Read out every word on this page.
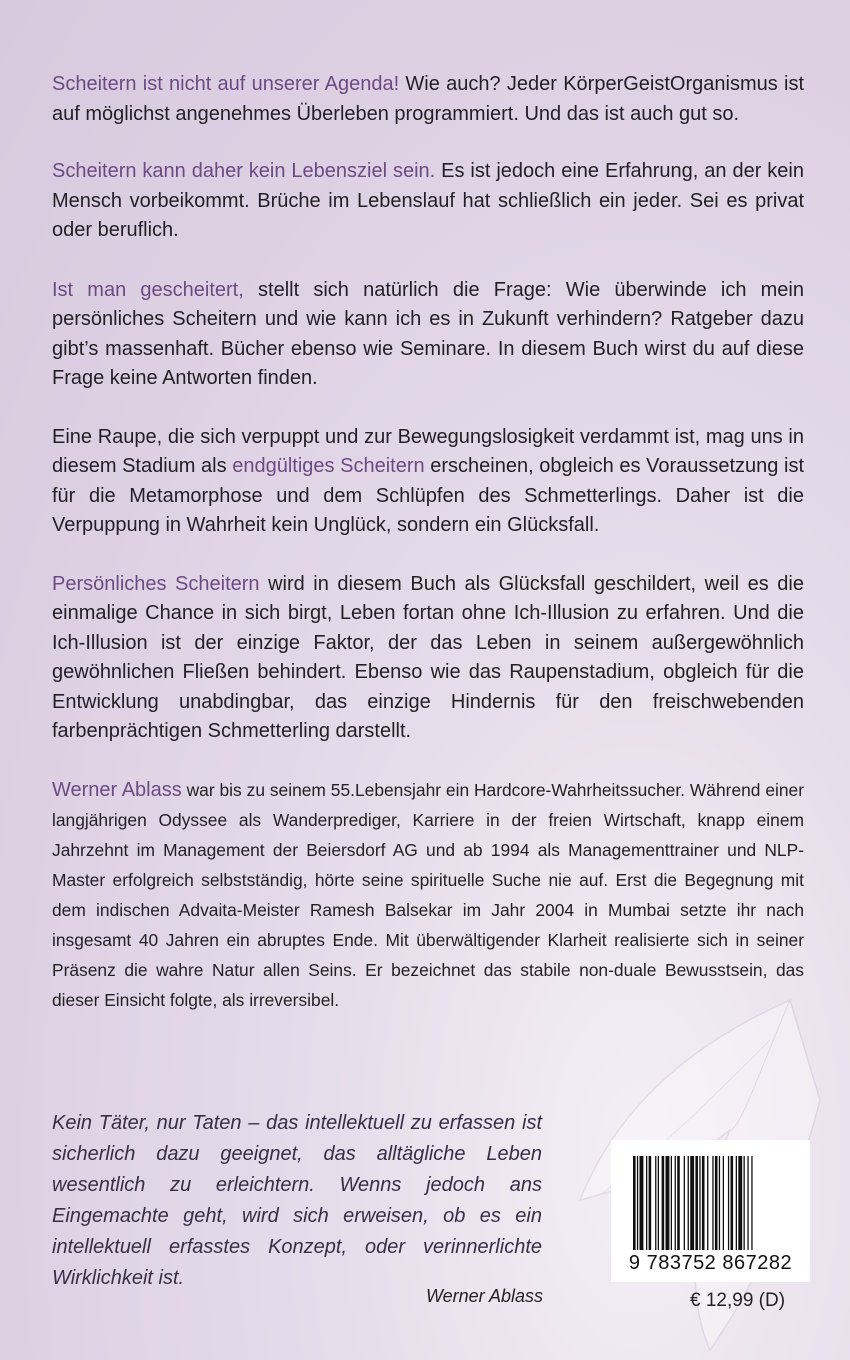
Scheitern ist nicht auf unserer Agenda! Wie auch? Jeder KörperGeistOrganismus ist auf möglichst angenehmes Überleben programmiert. Und das ist auch gut so.

Scheitern kann daher kein Lebensziel sein. Es ist jedoch eine Erfahrung, an der kein Mensch vorbeikommt. Brüche im Lebenslauf hat schließlich ein jeder. Sei es privat oder beruflich.

Ist man gescheitert, stellt sich natürlich die Frage: Wie überwinde ich mein persönliches Scheitern und wie kann ich es in Zukunft verhindern? Ratgeber dazu gibt’s massenhaft. Bücher ebenso wie Seminare. In diesem Buch wirst du auf diese Frage keine Antworten finden.

Eine Raupe, die sich verpuppt und zur Bewegungslosigkeit verdammt ist, mag uns in diesem Stadium als endgültiges Scheitern erscheinen, obgleich es Voraussetzung ist für die Metamorphose und dem Schlüpfen des Schmetterlings. Daher ist die Verpuppung in Wahrheit kein Unglück, sondern ein Glücksfall.

Persönliches Scheitern wird in diesem Buch als Glücksfall geschildert, weil es die einmalige Chance in sich birgt, Leben fortan ohne Ich-Illusion zu erfahren. Und die Ich-Illusion ist der einzige Faktor, der das Leben in seinem außergewöhnlich gewöhnlichen Fließen behindert. Ebenso wie das Raupenstadium, obgleich für die Entwicklung unabdingbar, das einzige Hindernis für den freischwebenden farbenprächtigen Schmetterling darstellt.

Werner Ablass war bis zu seinem 55.Lebensjahr ein Hardcore-Wahrheitssucher. Während einer langjährigen Odyssee als Wanderprediger, Karriere in der freien Wirtschaft, knapp einem Jahrzehnt im Management der Beiersdorf AG und ab 1994 als Managementtrainer und NLP-Master erfolgreich selbstständig, hörte seine spirituelle Suche nie auf. Erst die Begegnung mit dem indischen Advaita-Meister Ramesh Balsekar im Jahr 2004 in Mumbai setzte ihr nach insgesamt 40 Jahren ein abruptes Ende. Mit überwältigender Klarheit realisierte sich in seiner Präsenz die wahre Natur allen Seins. Er bezeichnet das stabile non-duale Bewusstsein, das dieser Einsicht folgte, als irreversibel.

Kein Täter, nur Taten – das intellektuell zu erfassen ist sicherlich dazu geeignet, das alltägliche Leben wesentlich zu erleichtern. Wenns jedoch ans Eingemachte geht, wird sich erweisen, ob es ein intellektuell erfasstes Konzept, oder verinnerlichte Wirklichkeit ist.

Werner Ablass
9 783752 867282
€ 12,99 (D)
